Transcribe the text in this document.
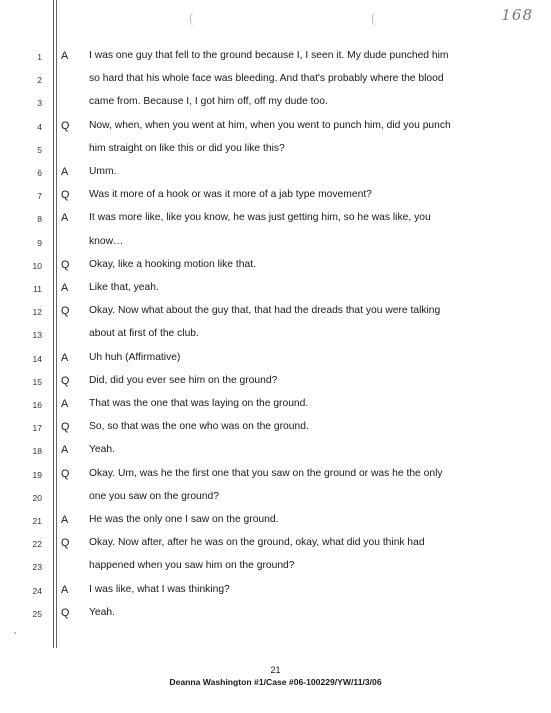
168
1 A I was one guy that fell to the ground because I, I seen it. My dude punched him
2	so hard that his whole face was bleeding. And that's probably where the blood
3	came from. Because I, I got him off, off my dude too.
4 Q Now, when, when you went at him, when you went to punch him, did you punch
5	him straight on like this or did you like this?
6 A Umm.
7 Q Was it more of a hook or was it more of a jab type movement?
8 A It was more like, like you know, he was just getting him, so he was like, you
9	know…
10 Q Okay, like a hooking motion like that.
11 A Like that, yeah.
12 Q Okay. Now what about the guy that, that had the dreads that you were talking
13	about at first of the club.
14 A Uh huh (Affirmative)
15 Q Did, did you ever see him on the ground?
16 A That was the one that was laying on the ground.
17 Q So, so that was the one who was on the ground.
18 A Yeah.
19 Q Okay. Um, was he the first one that you saw on the ground or was he the only
20	one you saw on the ground?
21 A He was the only one I saw on the ground.
22 Q Okay. Now after, after he was on the ground, okay, what did you think had
23	happened when you saw him on the ground?
24 A I was like, what I was thinking?
25 Q Yeah.
21
Deanna Washington #1/Case #06-100229/YW/11/3/06
